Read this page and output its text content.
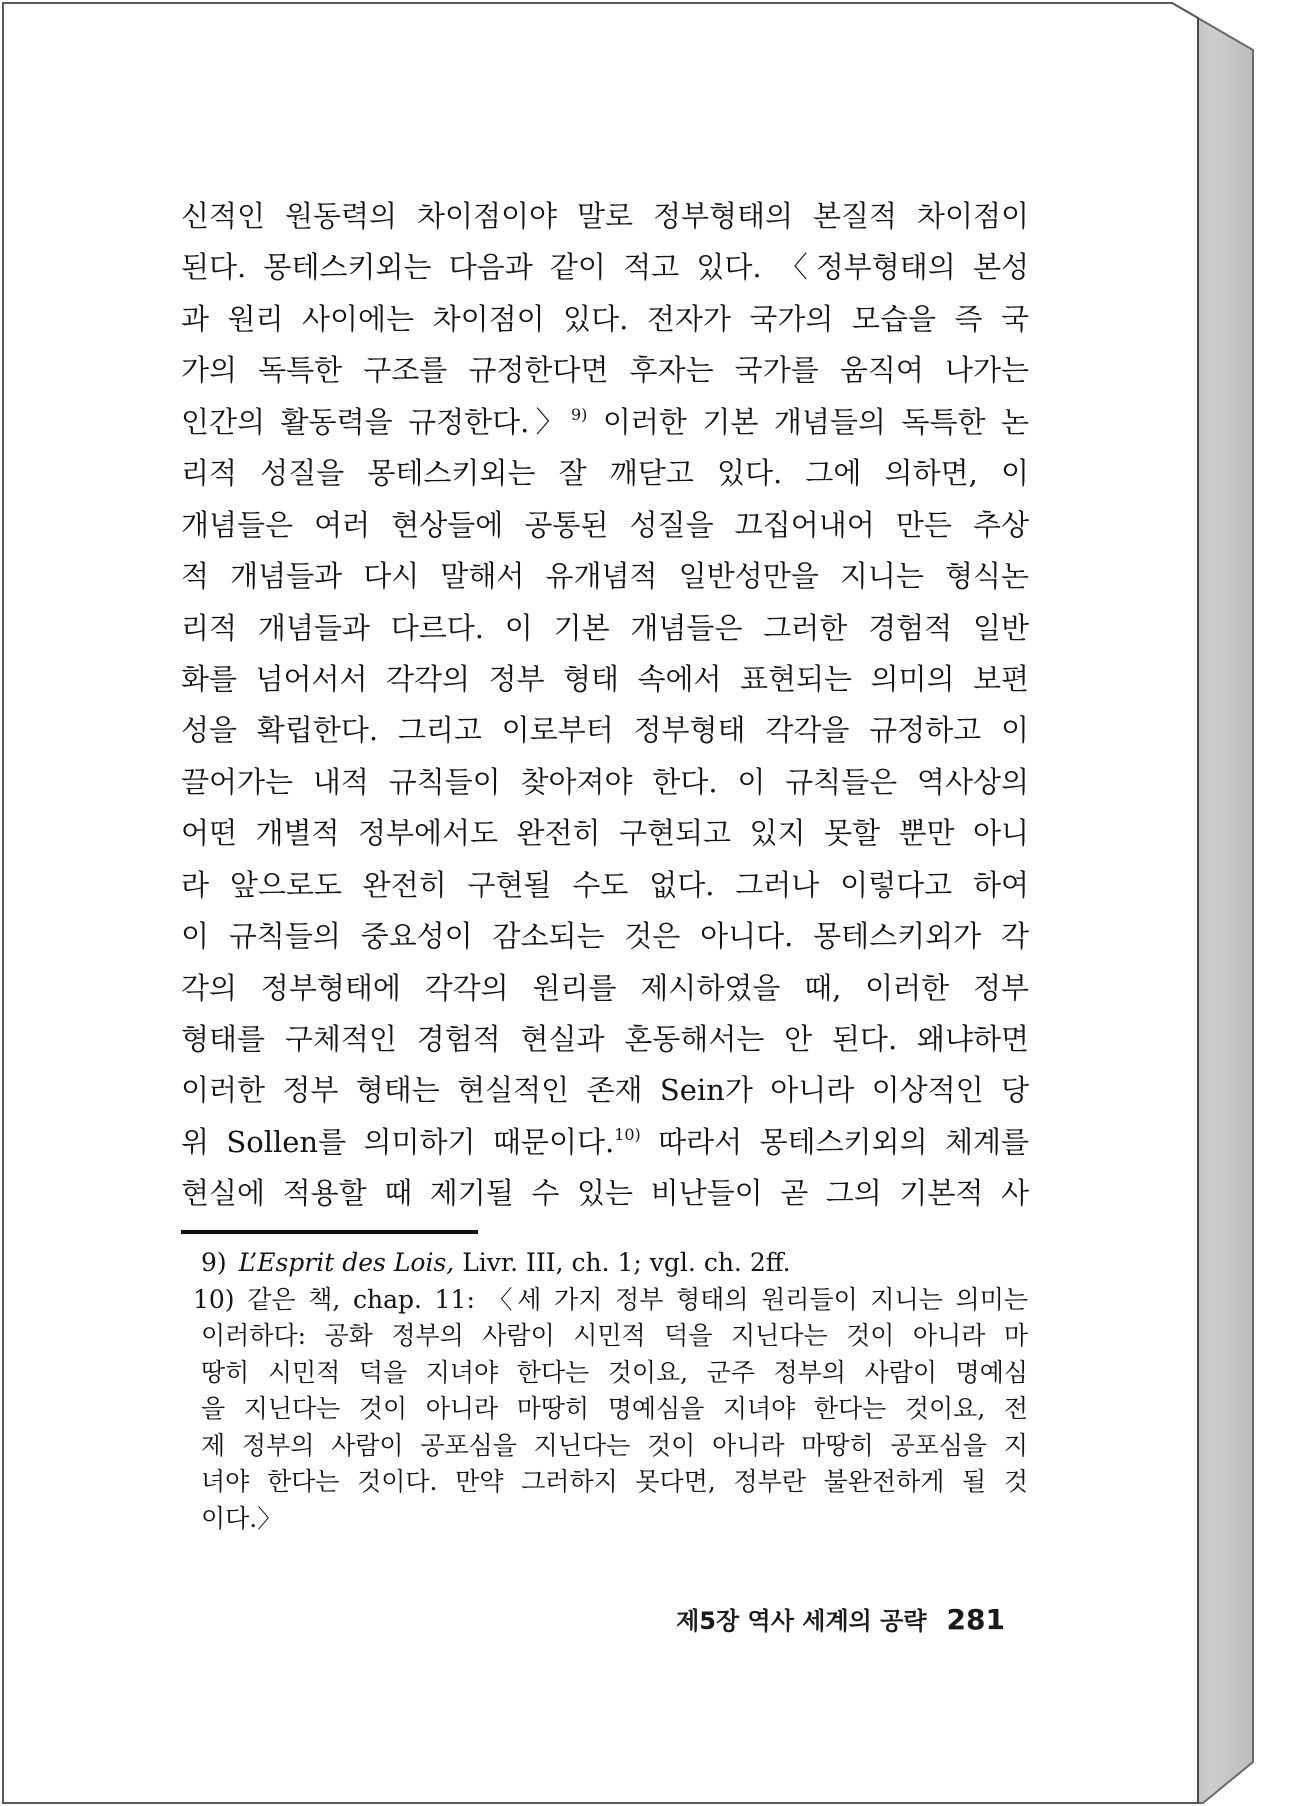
신적인 원동력의 차이점이야 말로 정부형태의 본질적 차이점이
된다. 몽테스키외는 다음과 같이 적고 있다. 〈정부형태의 본성
과 원리 사이에는 차이점이 있다. 전자가 국가의 모습을 즉 국
가의 독특한 구조를 규정한다면 후자는 국가를 움직여 나가는
인간의 활동력을 규정한다.〉$^{9)}$ 이러한 기본 개념들의 독특한 논
리적 성질을 몽테스키외는 잘 깨닫고 있다. 그에 의하면, 이
개념들은 여러 현상들에 공통된 성질을 끄집어내어 만든 추상
적 개념들과 다시 말해서 유개념적 일반성만을 지니는 형식논
리적 개념들과 다르다. 이 기본 개념들은 그러한 경험적 일반
화를 넘어서서 각각의 정부 형태 속에서 표현되는 의미의 보편
성을 확립한다. 그리고 이로부터 정부형태 각각을 규정하고 이
끌어가는 내적 규칙들이 찾아져야 한다. 이 규칙들은 역사상의
어떤 개별적 정부에서도 완전히 구현되고 있지 못할 뿐만 아니
라 앞으로도 완전히 구현될 수도 없다. 그러나 이렇다고 하여
이 규칙들의 중요성이 감소되는 것은 아니다. 몽테스키외가 각
각의 정부형태에 각각의 원리를 제시하였을 때, 이러한 정부
형태를 구체적인 경험적 현실과 혼동해서는 안 된다. 왜냐하면
이러한 정부 형태는 현실적인 존재 Sein가 아니라 이상적인 당
위 Sollen를 의미하기 때문이다.$^{10)}$ 따라서 몽테스키외의 체계를
현실에 적용할 때 제기될 수 있는 비난들이 곧 그의 기본적 사
9) L’Esprit des Lois, Livr. III, ch. 1; vgl. ch. 2ff.
10) 같은 책, chap. 11: 〈세 가지 정부 형태의 원리들이 지니는 의미는
이러하다: 공화 정부의 사람이 시민적 덕을 지닌다는 것이 아니라 마
땅히 시민적 덕을 지녀야 한다는 것이요, 군주 정부의 사람이 명예심
을 지닌다는 것이 아니라 마땅히 명예심을 지녀야 한다는 것이요, 전
제 정부의 사람이 공포심을 지닌다는 것이 아니라 마땅히 공포심을 지
녀야 한다는 것이다. 만약 그러하지 못다면, 정부란 불완전하게 될 것
이다.〉
제5장 역사 세계의 공략 281
